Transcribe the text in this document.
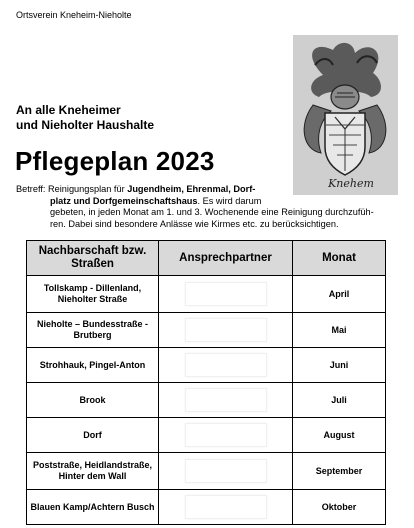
Ortsverein Kneheim-Nieholte
Knehem
An alle Kneheimer
und Nieholter Haushalte
Pflegeplan 2023
Betreff: Reinigungsplan für Jugendheim, Ehrenmal, Dorf-
platz und Dorfgemeinschaftshaus. Es wird darum
gebeten, in jeden Monat am 1. und 3. Wochenende eine Reinigung durchzufüh-
ren. Dabei sind besondere Anlässe wie Kirmes etc. zu berücksichtigen.
Nachbarschaft bzw. Straßen	Ansprechpartner	Monat
Tollskamp - Dillenland, Nieholter Straße		April
Nieholte – Bundesstraße - Brutberg		Mai
Strohhauk, Pingel-Anton		Juni
Brook		Juli
Dorf		August
Poststraße, Heidlandstraße, Hinter dem Wall		September
Blauen Kamp/Achtern Busch		Oktober
